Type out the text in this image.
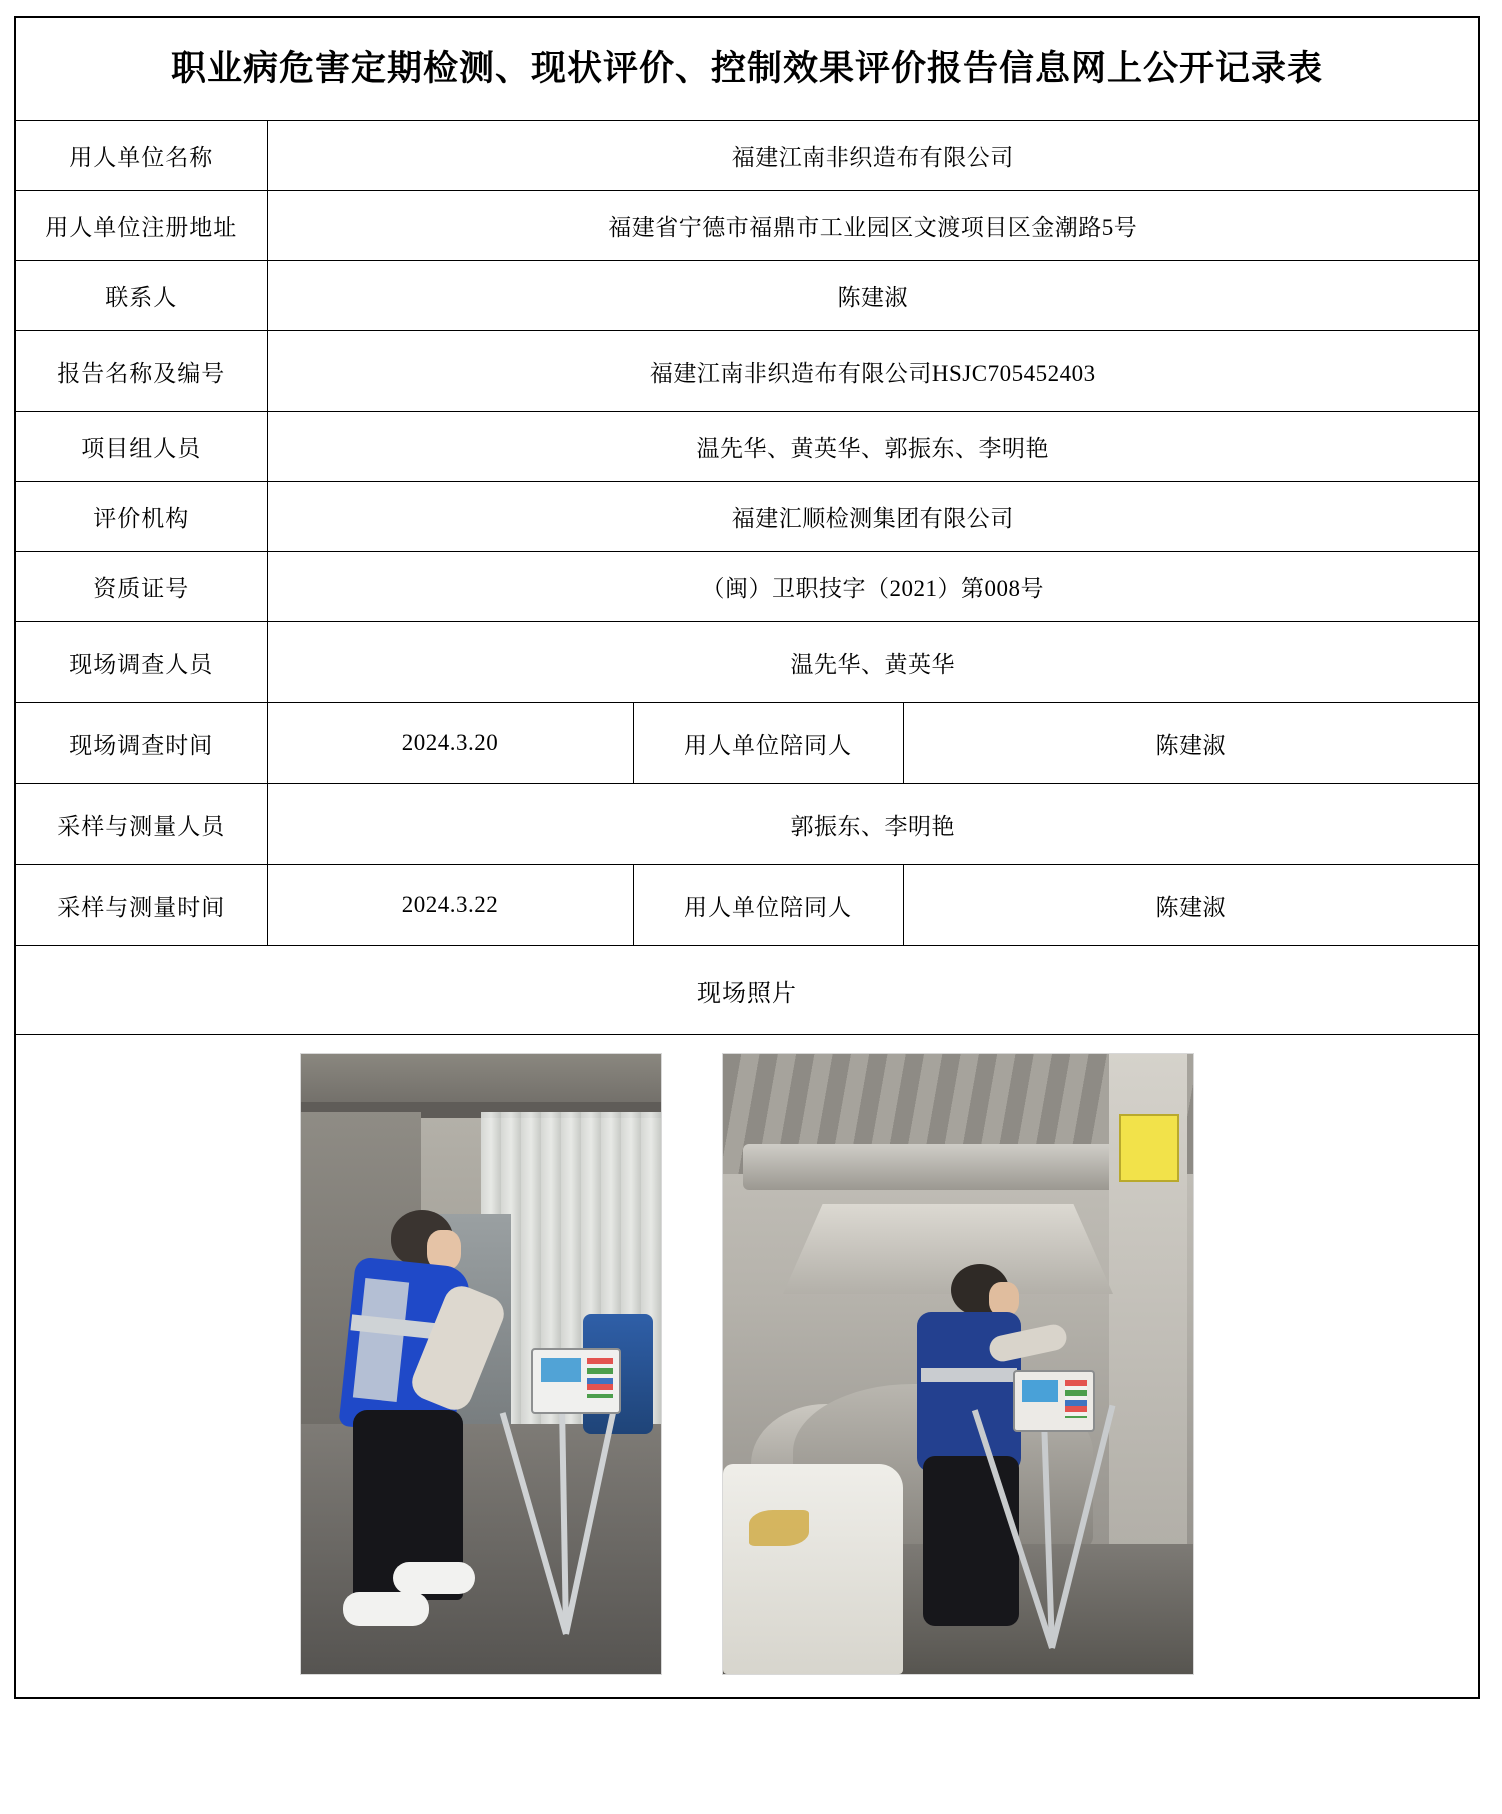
职业病危害定期检测、现状评价、控制效果评价报告信息网上公开记录表			
用人单位名称	福建江南非织造布有限公司		
用人单位注册地址	福建省宁德市福鼎市工业园区文渡项目区金潮路5号		
联系人	陈建淑		
报告名称及编号	福建江南非织造布有限公司HSJC705452403		
项目组人员	温先华、黄英华、郭振东、李明艳		
评价机构	福建汇顺检测集团有限公司		
资质证号	（闽）卫职技字（2021）第008号		
现场调查人员	温先华、黄英华		
现场调查时间	2024.3.20	用人单位陪同人	陈建淑
采样与测量人员	郭振东、李明艳		
采样与测量时间	2024.3.22	用人单位陪同人	陈建淑
现场照片			
